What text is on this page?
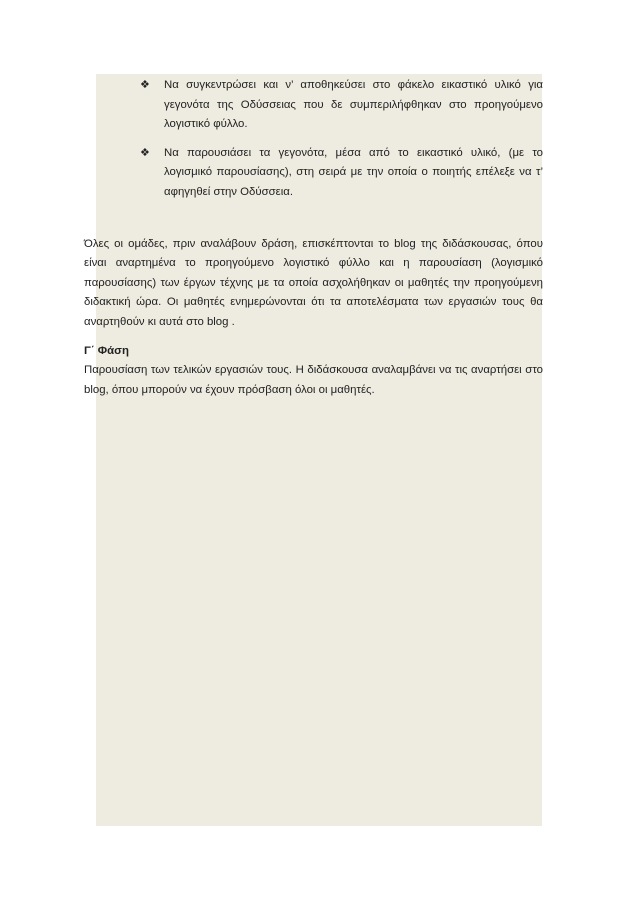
❖	Να συγκεντρώσει και ν’ αποθηκεύσει στο φάκελο εικαστικό υλικό για γεγονότα της Οδύσσειας που δε συμπεριλήφθηκαν στο προηγούμενο λογιστικό φύλλο.
❖	Να παρουσιάσει τα γεγονότα, μέσα από το εικαστικό υλικό, (με το λογισμικό παρουσίασης), στη σειρά με την οποία ο ποιητής επέλεξε να τ’ αφηγηθεί στην Οδύσσεια.

Όλες οι ομάδες, πριν αναλάβουν δράση, επισκέπτονται το blog της διδάσκουσας, όπου είναι αναρτημένα το προηγούμενο λογιστικό φύλλο και η παρουσίαση (λογισμικό παρουσίασης) των έργων τέχνης με τα οποία ασχολήθηκαν οι μαθητές την προηγούμενη διδακτική ώρα. Οι μαθητές ενημερώνονται ότι τα αποτελέσματα των εργασιών τους θα αναρτηθούν κι αυτά στο blog .

Γ΄ Φάση

Παρουσίαση των τελικών εργασιών τους. Η διδάσκουσα αναλαμβάνει να τις αναρτήσει στο blog, όπου μπορούν να έχουν πρόσβαση όλοι οι μαθητές.
